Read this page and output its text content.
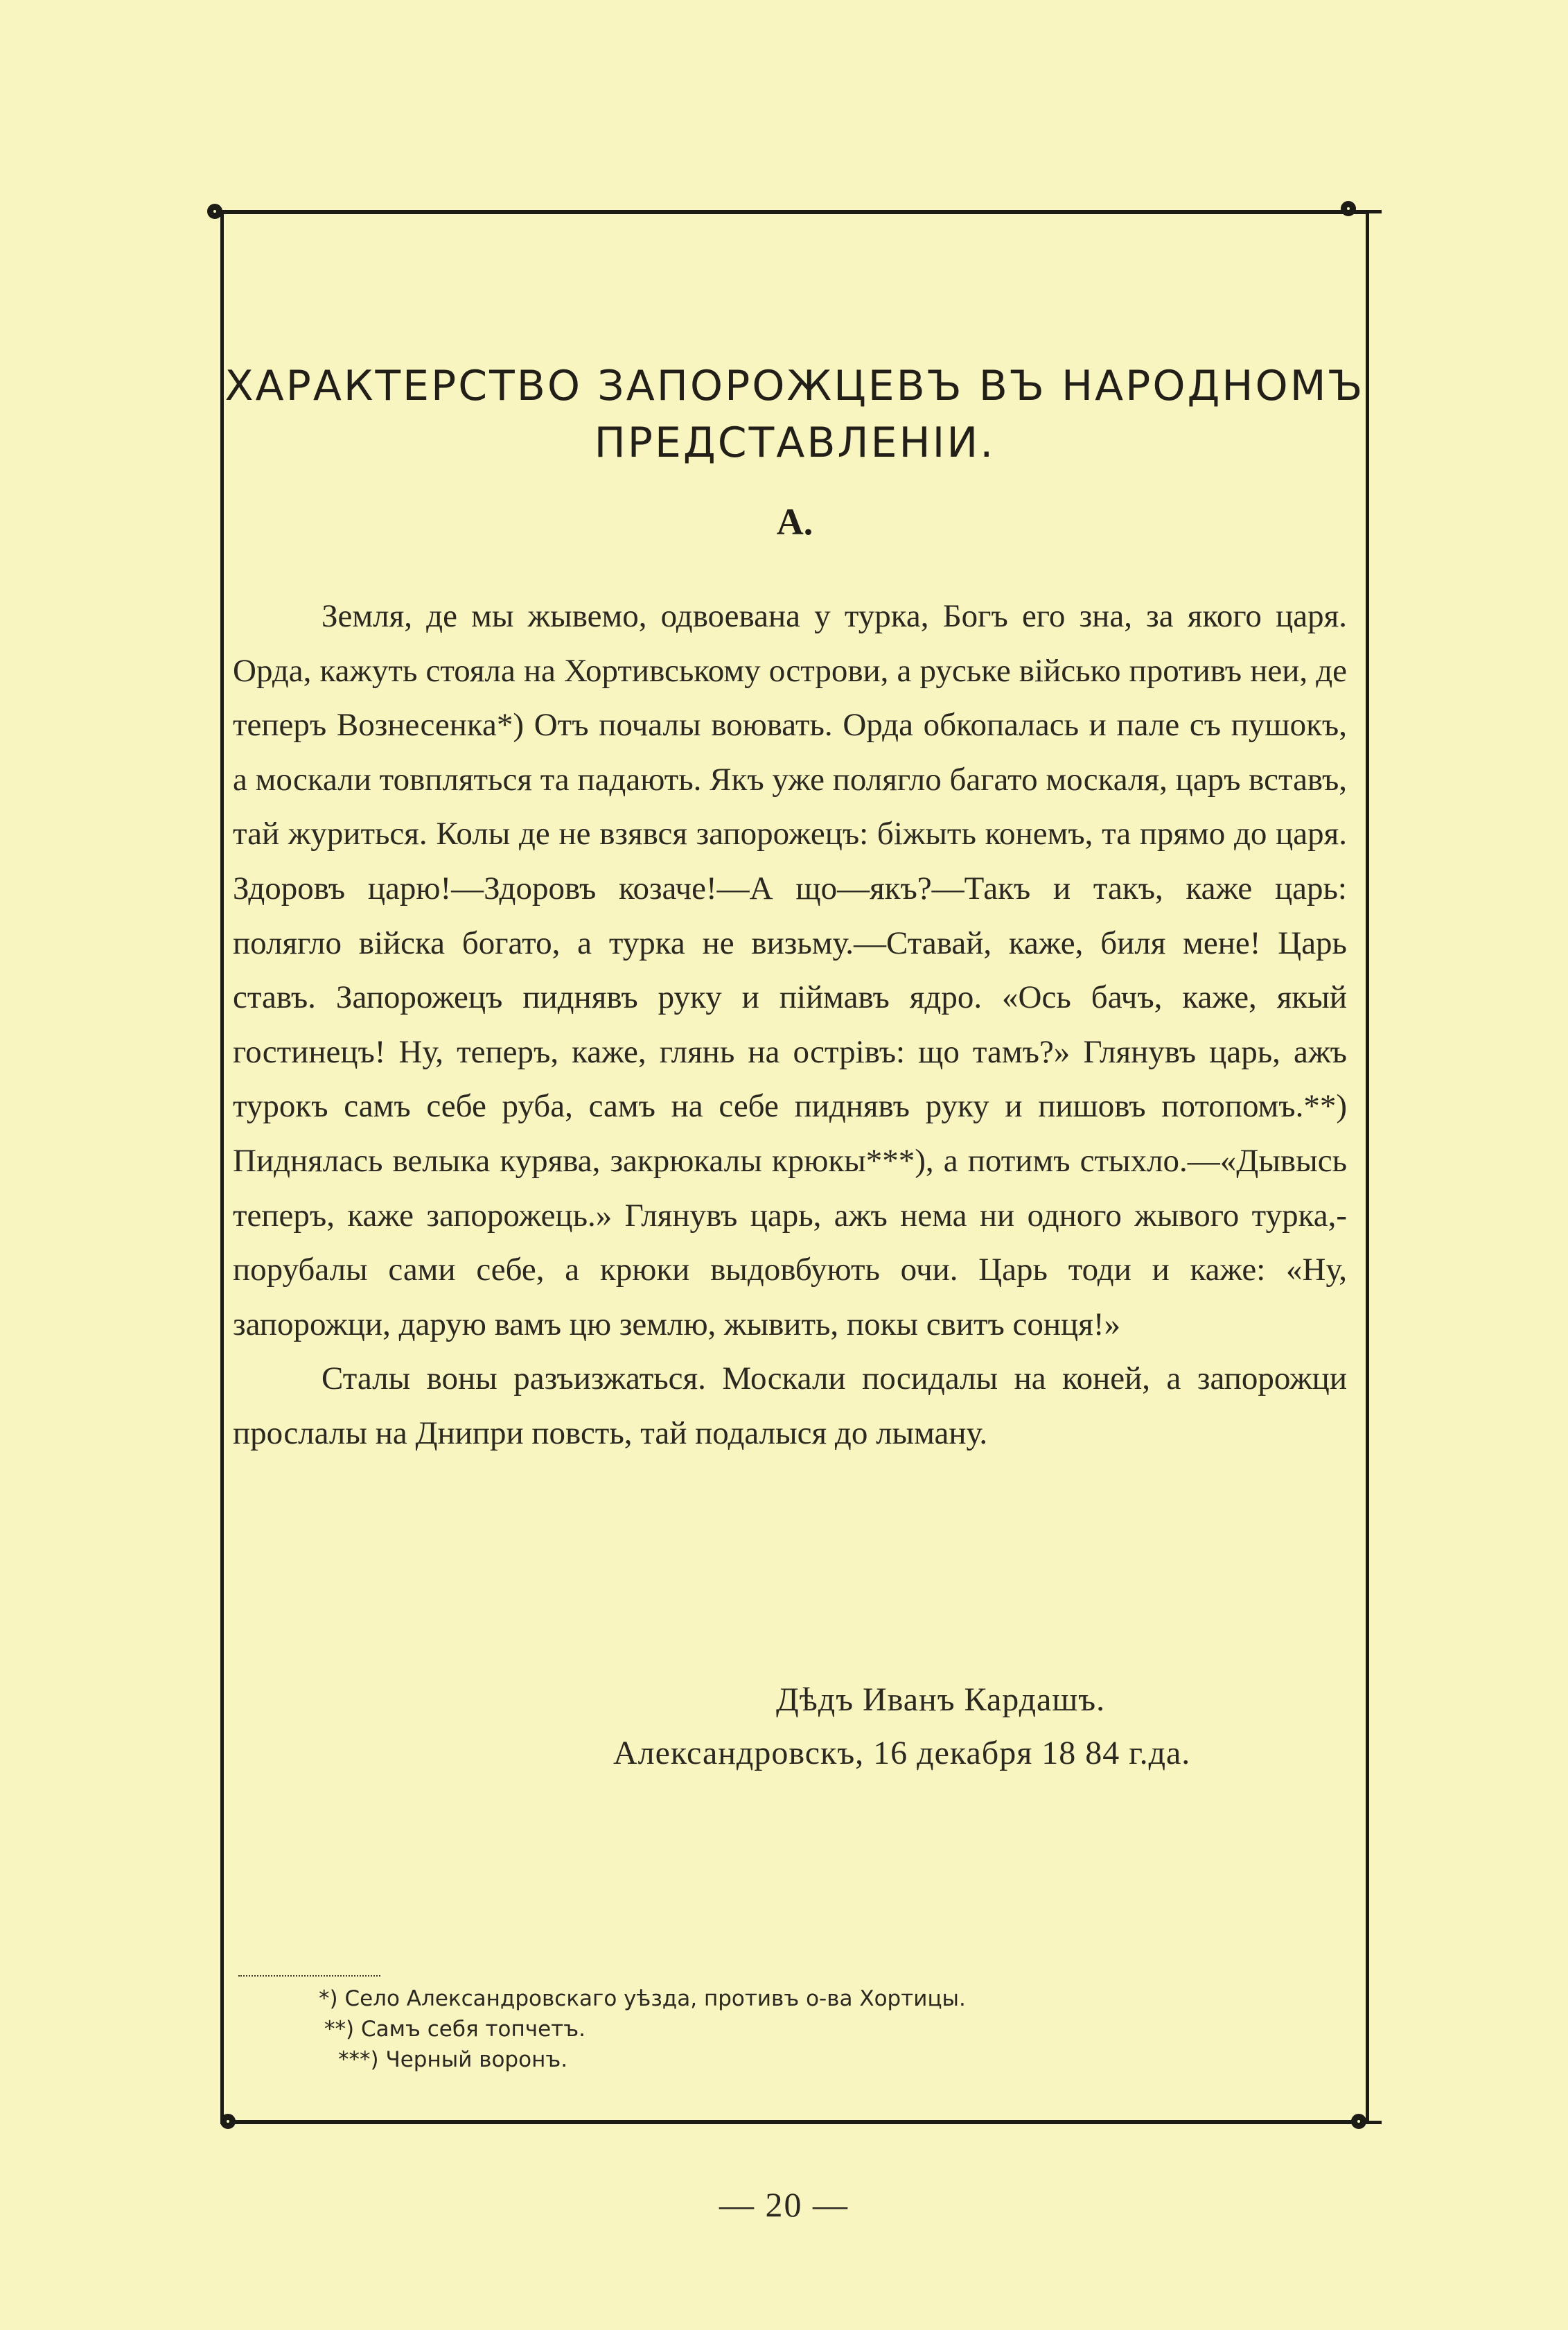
ХАРАКТЕРСТВО ЗАПОРОЖЦЕВЪ ВЪ НАРОДНОМЪ
ПРЕДСТАВЛЕНІИ.
А.

Земля, де мы жывемо, одвоевана у турка, Богъ его зна, за якого царя. Орда, кажуть стояла на Хортивському острови, а руське військо противъ неи, де теперъ Вознесенка*) Отъ почалы воювать. Орда обкопалась и пале съ пушокъ, а москали товпляться та падають. Якъ уже полягло багато москаля, царъ вставъ, тай журиться. Колы де не взявся запорожецъ: біжыть конемъ, та прямо до царя. Здоровъ царю!—Здоровъ козаче!—А що—якъ?—Такъ и такъ, каже царь: полягло війска богато, а турка не визьму.—Ставай, каже, биля мене! Царь ставъ. Запорожецъ пиднявъ руку и піймавъ ядро. «Ось бачъ, каже, якый гостинецъ! Ну, теперъ, каже, глянь на острівъ: що тамъ?» Глянувъ царь, ажъ турокъ самъ себе руба, самъ на себе пиднявъ руку и пишовъ потопомъ.**) Пиднялась велыка курява, закрюкалы крюкы***), а потимъ стыхло.—«Дывысь теперъ, каже запорожець.» Глянувъ царь, ажъ нема ни одного жывого турка,-порубалы сами себе, а крюки выдовбують очи. Царь тоди и каже: «Ну, запорожци, дарую вамъ цю землю, жывить, покы свитъ сонця!»

Сталы воны разъизжаться. Москали посидалы на коней, а запорожци прослалы на Днипри повсть, тай подалыся до лыману.

Дѣдъ Иванъ Кардашъ.
Александровскъ, 16 декабря 18 84 г.да.
*) Село Александровскаго уѣзда, противъ о-ва Хортицы.
**) Самъ себя топчетъ.
***) Черный воронъ.
— 20 —
